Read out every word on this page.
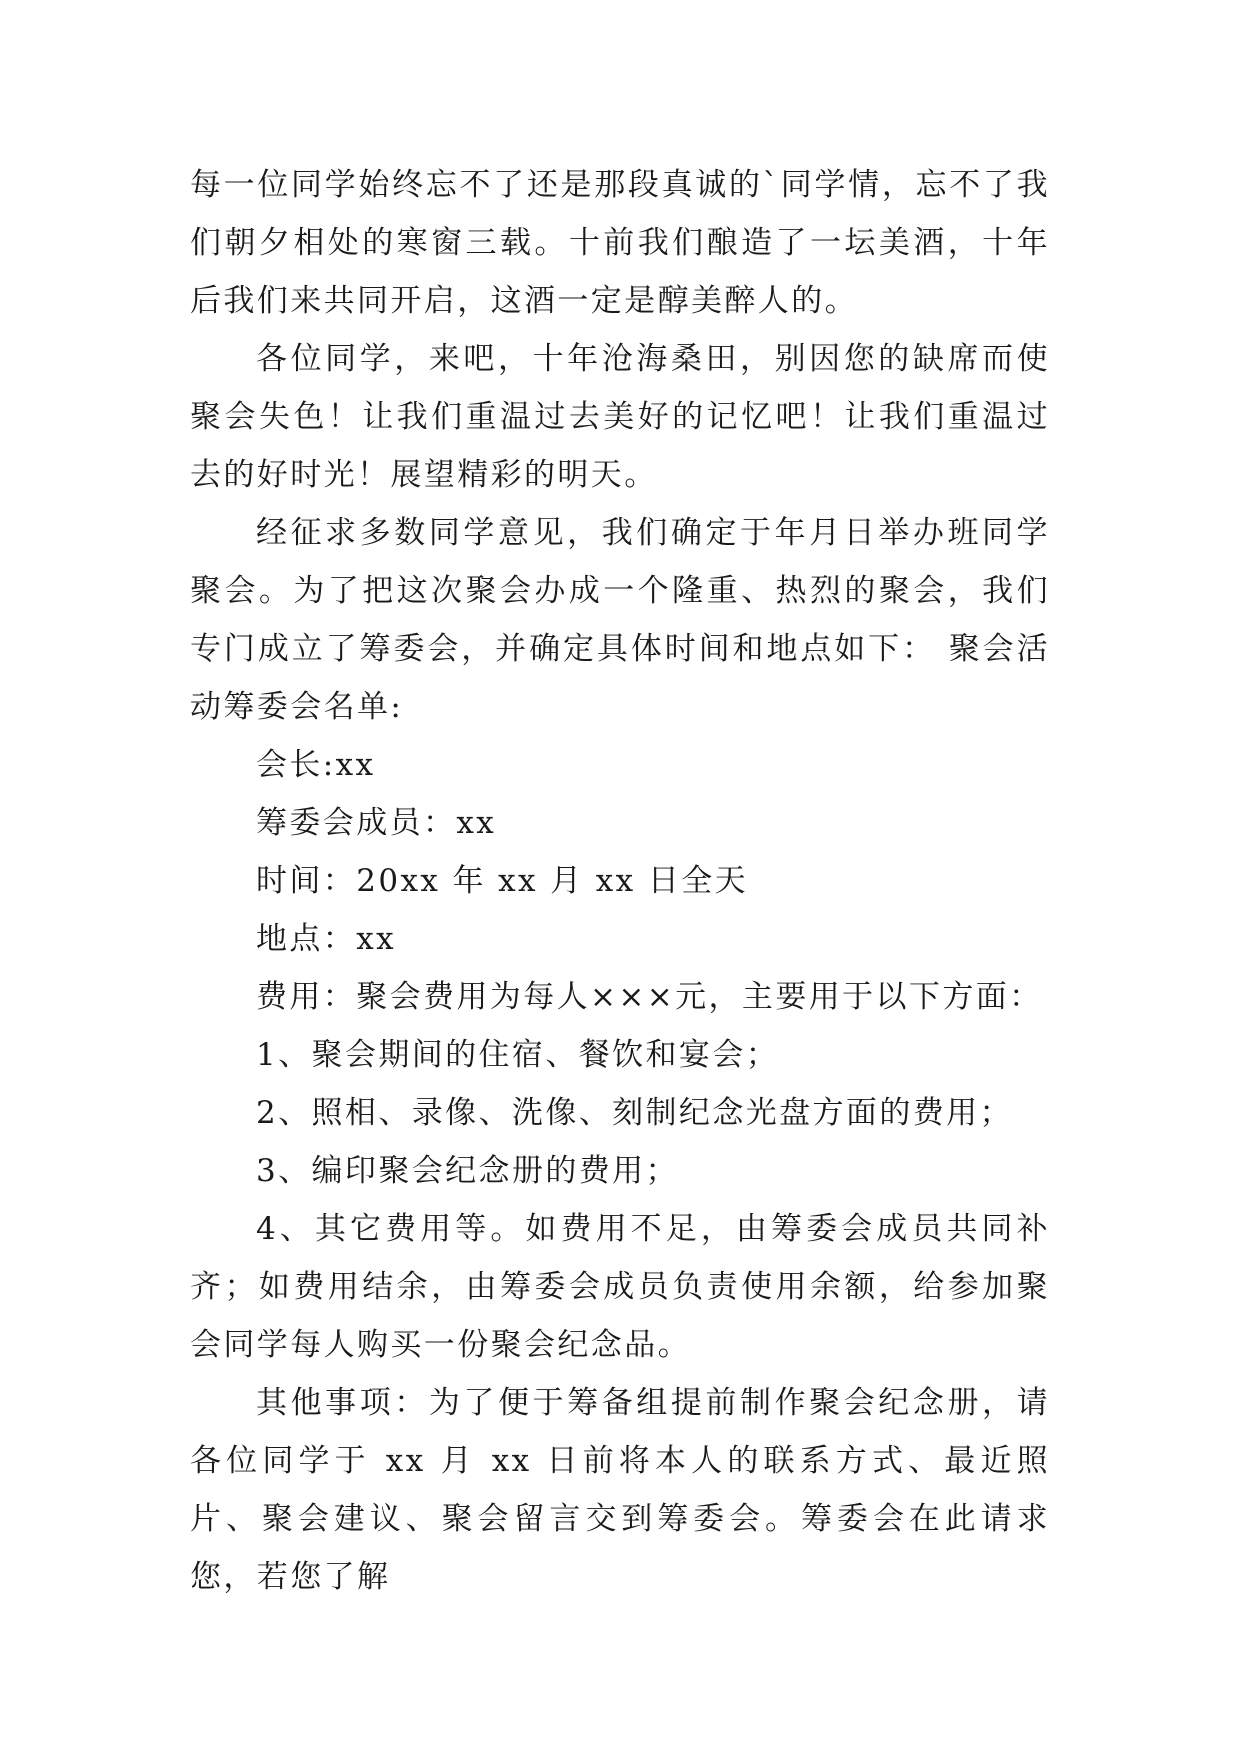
每一位同学始终忘不了还是那段真诚的`同学情，忘不了我们朝夕相处的寒窗三载。十前我们酿造了一坛美酒，十年后我们来共同开启，这酒一定是醇美醉人的。

各位同学，来吧，十年沧海桑田，别因您的缺席而使聚会失色！让我们重温过去美好的记忆吧！让我们重温过去的好时光！展望精彩的明天。

经征求多数同学意见，我们确定于年月日举办班同学聚会。为了把这次聚会办成一个隆重、热烈的聚会，我们专门成立了筹委会，并确定具体时间和地点如下： 聚会活动筹委会名单:

会长:xx

筹委会成员：xx

时间：20xx 年 xx 月 xx 日全天

地点：xx

费用：聚会费用为每人×××元，主要用于以下方面：

1、聚会期间的住宿、餐饮和宴会；

2、照相、录像、洗像、刻制纪念光盘方面的费用；

3、编印聚会纪念册的费用；

4、其它费用等。如费用不足，由筹委会成员共同补齐；如费用结余，由筹委会成员负责使用余额，给参加聚会同学每人购买一份聚会纪念品。

其他事项：为了便于筹备组提前制作聚会纪念册，请各位同学于 xx 月 xx 日前将本人的联系方式、最近照片、聚会建议、聚会留言交到筹委会。筹委会在此请求您，若您了解
